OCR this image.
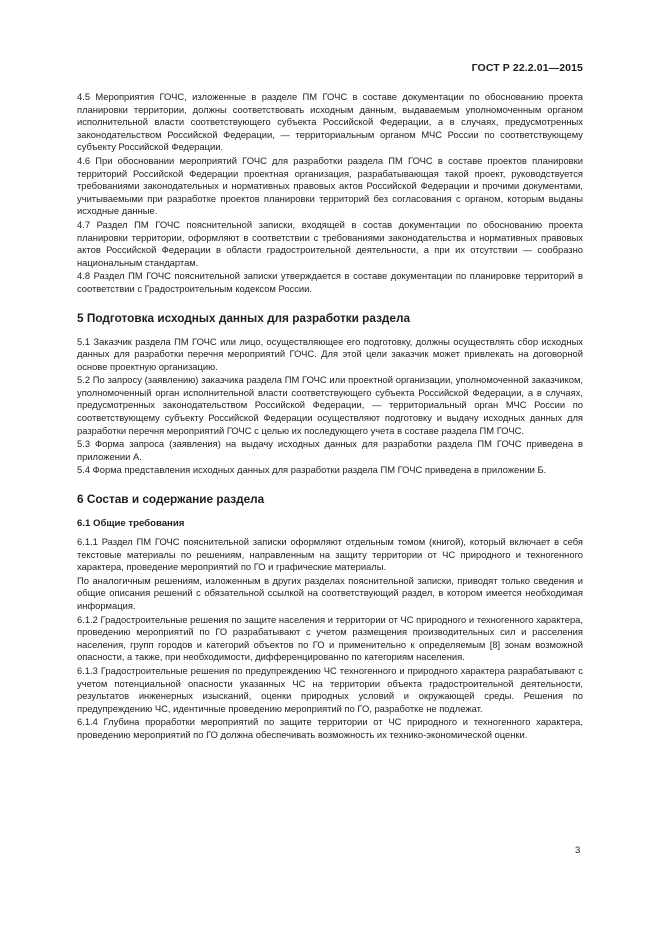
ГОСТ Р 22.2.01—2015

4.5 Мероприятия ГОЧС, изложенные в разделе ПМ ГОЧС в составе документации по обоснованию проекта планировки территории, должны соответствовать исходным данным, выдаваемым уполномоченным органом исполнительной власти соответствующего субъекта Российской Федерации, а в случаях, предусмотренных законодательством Российской Федерации, — территориальным органом МЧС России по соответствующему субъекту Российской Федерации.

4.6 При обосновании мероприятий ГОЧС для разработки раздела ПМ ГОЧС в составе проектов планировки территорий Российской Федерации проектная организация, разрабатывающая такой проект, руководствуется требованиями законодательных и нормативных правовых актов Российской Федерации и прочими документами, учитываемыми при разработке проектов планировки территорий без согласования с органом, которым выданы исходные данные.

4.7 Раздел ПМ ГОЧС пояснительной записки, входящей в состав документации по обоснованию проекта планировки территории, оформляют в соответствии с требованиями законодательства и нормативных правовых актов Российской Федерации в области градостроительной деятельности, а при их отсутствии — сообразно национальным стандартам.

4.8 Раздел ПМ ГОЧС пояснительной записки утверждается в составе документации по планировке территорий в соответствии с Градостроительным кодексом России.

5 Подготовка исходных данных для разработки раздела

5.1 Заказчик раздела ПМ ГОЧС или лицо, осуществляющее его подготовку, должны осуществлять сбор исходных данных для разработки перечня мероприятий ГОЧС. Для этой цели заказчик может привлекать на договорной основе проектную организацию.

5.2 По запросу (заявлению) заказчика раздела ПМ ГОЧС или проектной организации, уполномоченной заказчиком, уполномоченный орган исполнительной власти соответствующего субъекта Российской Федерации, а в случаях, предусмотренных законодательством Российской Федерации, — территориальный орган МЧС России по соответствующему субъекту Российской Федерации осуществляют подготовку и выдачу исходных данных для разработки перечня мероприятий ГОЧС с целью их последующего учета в составе раздела ПМ ГОЧС.

5.3 Форма запроса (заявления) на выдачу исходных данных для разработки раздела ПМ ГОЧС приведена в приложении А.

5.4 Форма представления исходных данных для разработки раздела ПМ ГОЧС приведена в приложении Б.

6 Состав и содержание раздела
6.1 Общие требования

6.1.1 Раздел ПМ ГОЧС пояснительной записки оформляют отдельным томом (книгой), который включает в себя текстовые материалы по решениям, направленным на защиту территории от ЧС природного и техногенного характера, проведение мероприятий по ГО и графические материалы.

По аналогичным решениям, изложенным в других разделах пояснительной записки, приводят только сведения и общие описания решений с обязательной ссылкой на соответствующий раздел, в котором имеется необходимая информация.

6.1.2 Градостроительные решения по защите населения и территории от ЧС природного и техногенного характера, проведению мероприятий по ГО разрабатывают с учетом размещения производительных сил и расселения населения, групп городов и категорий объектов по ГО и применительно к определяемым [8] зонам возможной опасности, а также, при необходимости, дифференцированно по категориям населения.

6.1.3 Градостроительные решения по предупреждению ЧС техногенного и природного характера разрабатывают с учетом потенциальной опасности указанных ЧС на территории объекта градостроительной деятельности, результатов инженерных изысканий, оценки природных условий и окружающей среды. Решения по предупреждению ЧС, идентичные проведению мероприятий по ГО, разработке не подлежат.

6.1.4 Глубина проработки мероприятий по защите территории от ЧС природного и техногенного характера, проведению мероприятий по ГО должна обеспечивать возможность их технико-экономической оценки.

3
